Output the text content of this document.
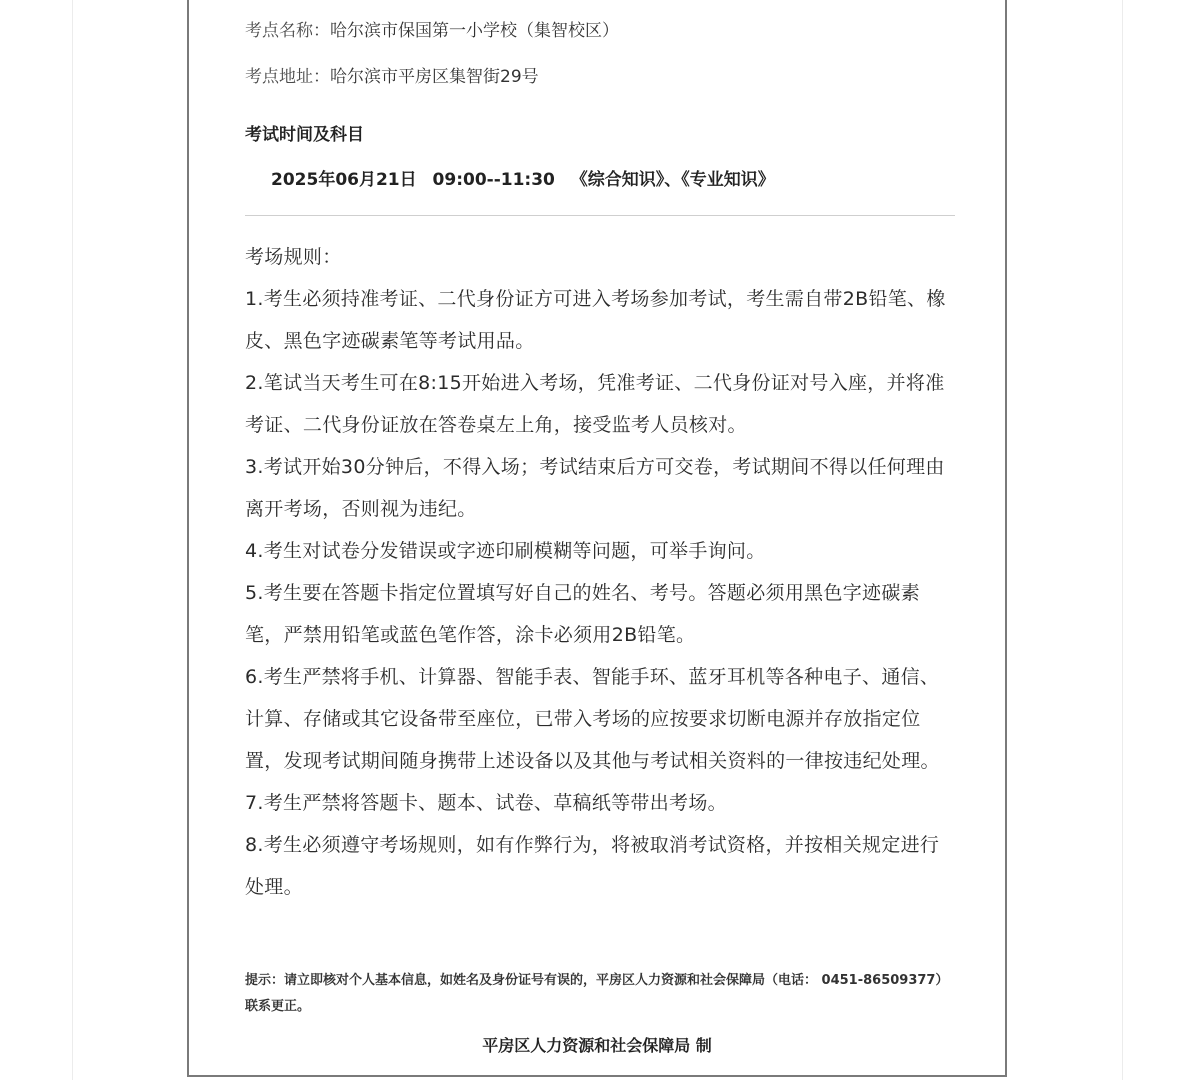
考点名称：哈尔滨市保国第一小学校（集智校区）
考点地址：哈尔滨市平房区集智街29号
考试时间及科目
2025年06月21日 09:00--11:30 《综合知识》、《专业知识》

考场规则：

1.考生必须持准考证、二代身份证方可进入考场参加考试，考生需自带2B铅笔、橡皮、黑色字迹碳素笔等考试用品。

2.笔试当天考生可在8:15开始进入考场，凭准考证、二代身份证对号入座，并将准考证、二代身份证放在答卷桌左上角，接受监考人员核对。

3.考试开始30分钟后，不得入场；考试结束后方可交卷，考试期间不得以任何理由离开考场，否则视为违纪。

4.考生对试卷分发错误或字迹印刷模糊等问题，可举手询问。

5.考生要在答题卡指定位置填写好自己的姓名、考号。答题必须用黑色字迹碳素笔，严禁用铅笔或蓝色笔作答，涂卡必须用2B铅笔。

6.考生严禁将手机、计算器、智能手表、智能手环、蓝牙耳机等各种电子、通信、计算、存储或其它设备带至座位，已带入考场的应按要求切断电源并存放指定位置，发现考试期间随身携带上述设备以及其他与考试相关资料的一律按违纪处理。

7.考生严禁将答题卡、题本、试卷、草稿纸等带出考场。

8.考生必须遵守考场规则，如有作弊行为，将被取消考试资格，并按相关规定进行处理。

提示：请立即核对个人基本信息，如姓名及身份证号有误的，平房区人力资源和社会保障局（电话： 0451-86509377）联系更正。
平房区人力资源和社会保障局 制
